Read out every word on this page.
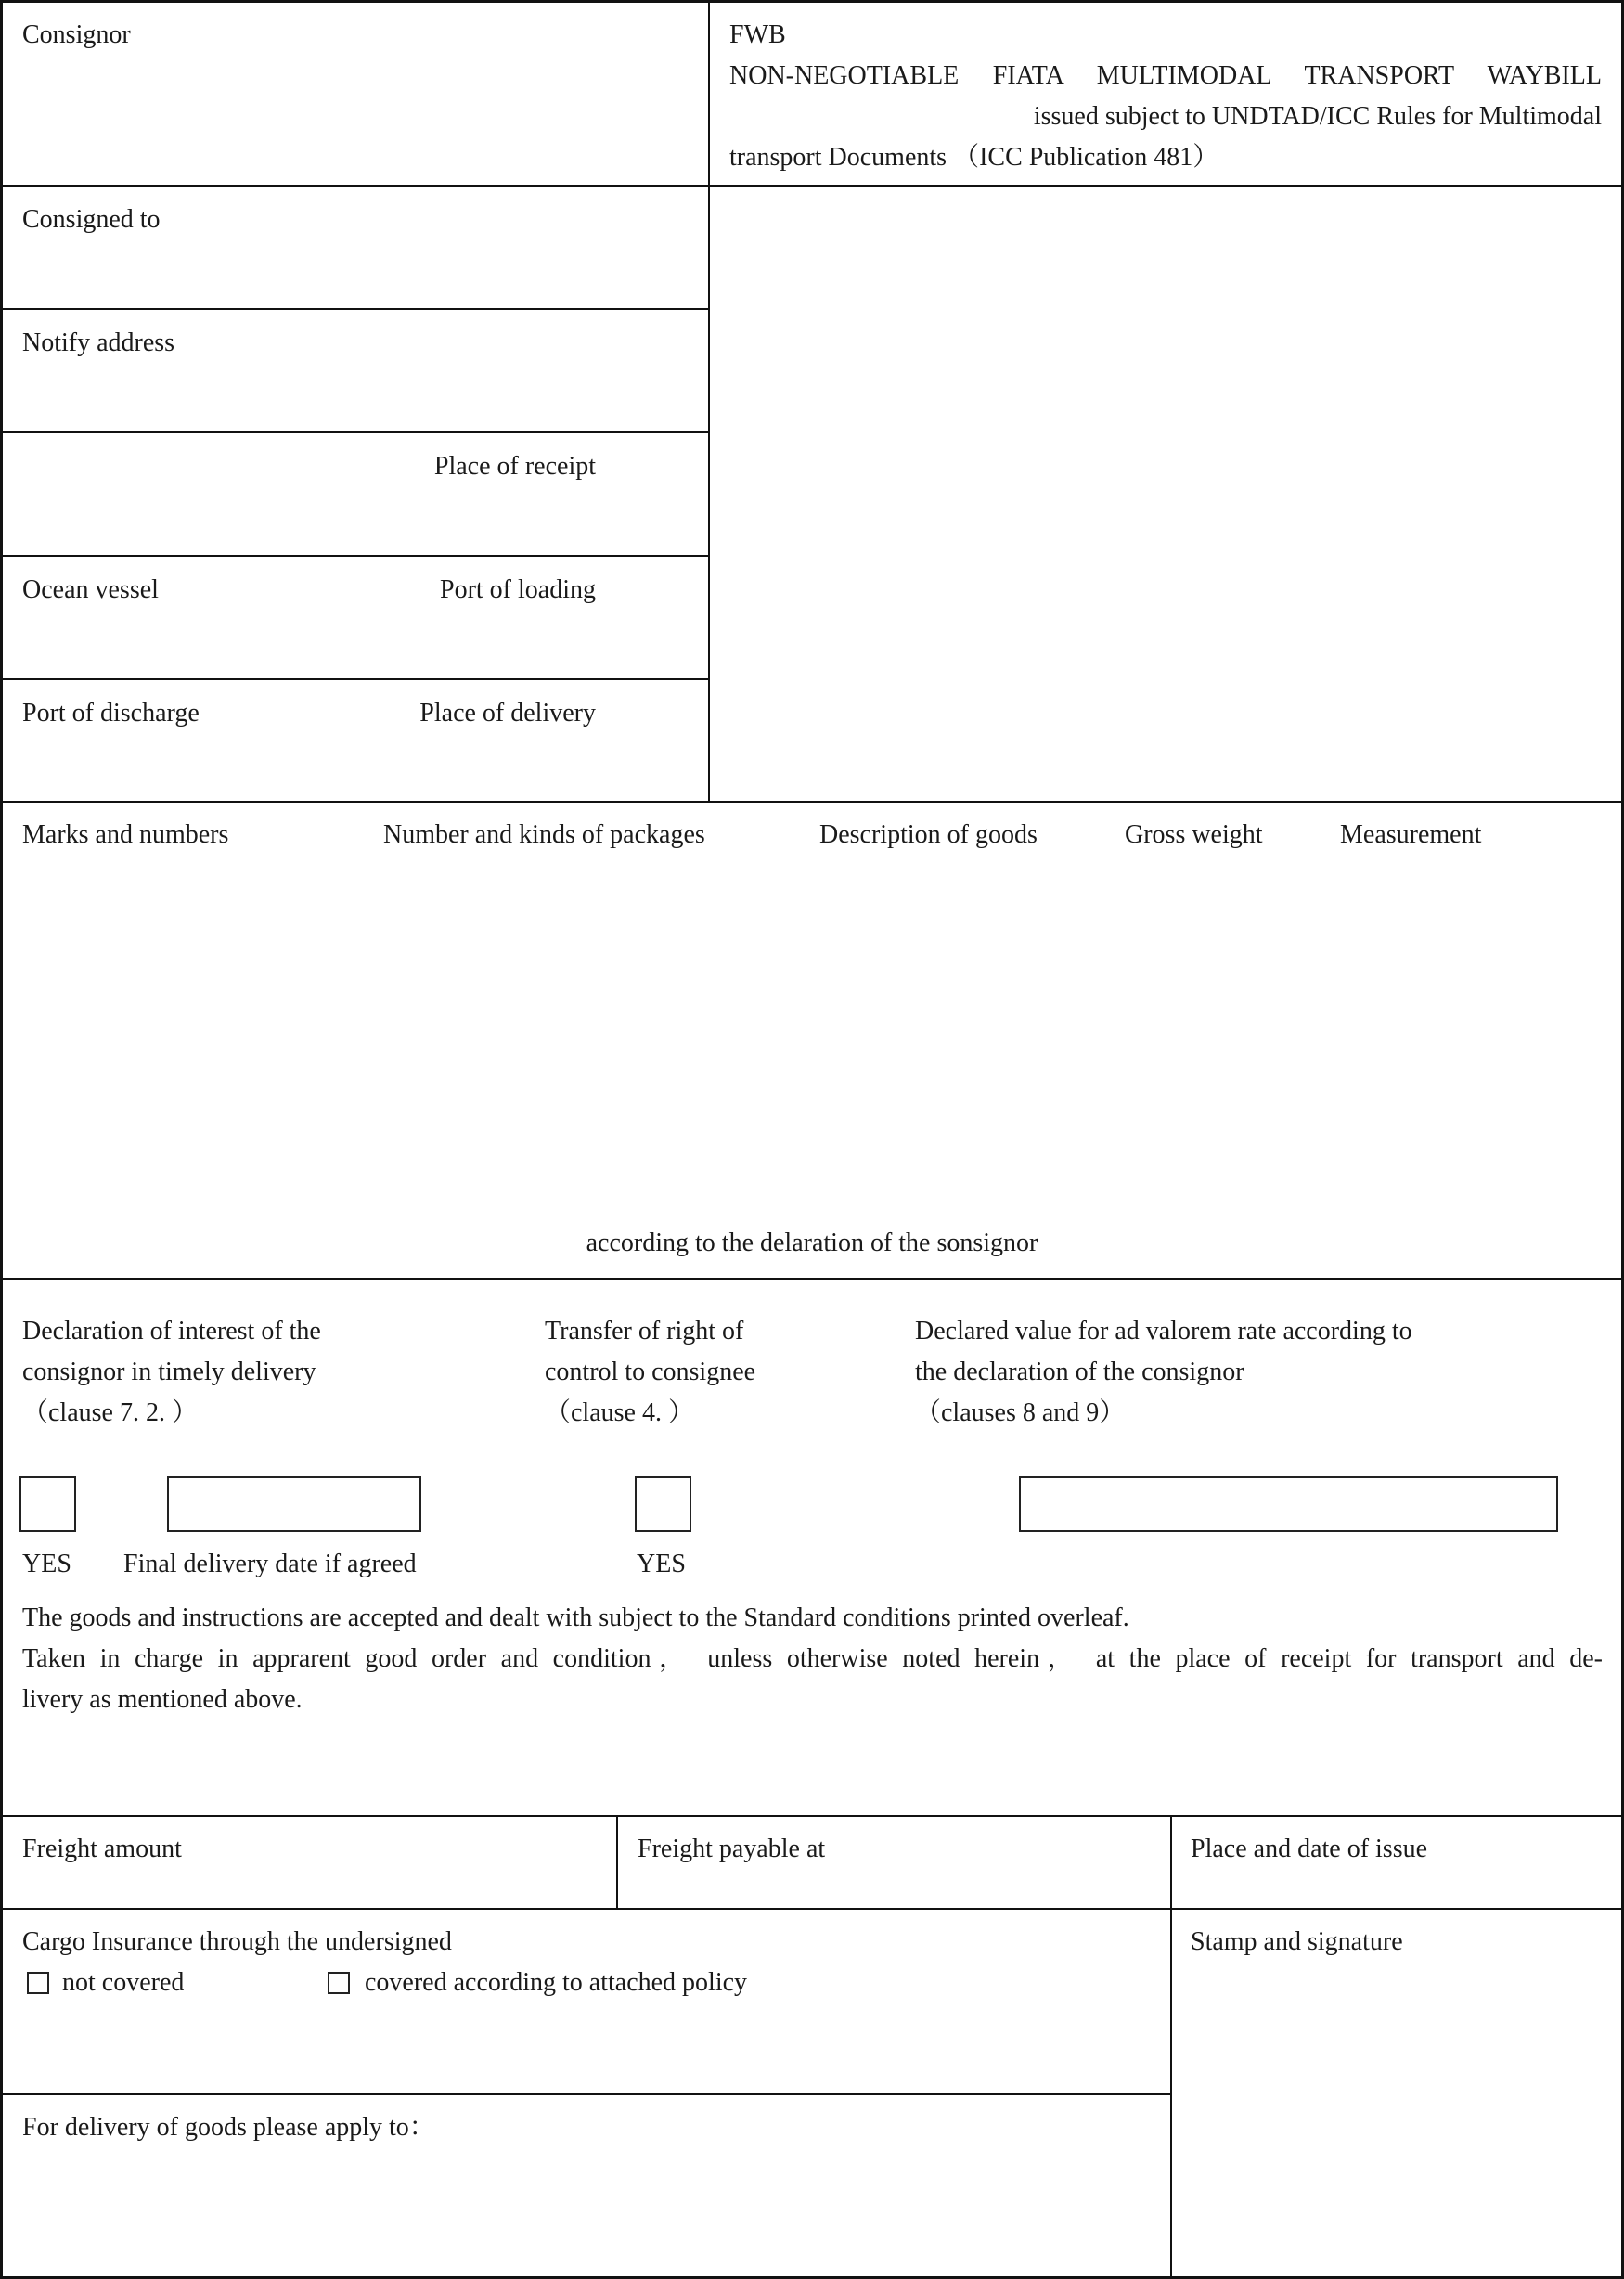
Consignor	FWB
NON-NEGOTIABLE FIATA MULTIMODAL TRANSPORT WAYBILL
issued subject to UNDTAD/ICC Rules for Multimodal
transport Documents （ICC Publication 481）
Consigned to
Notify address
Place of receipt
Ocean vessel	Port of loading
Port of discharge	Place of delivery
Marks and numbers	Number and kinds of packages	Description of goods	Gross weight	Measurement
according to the delaration of the sonsignor
Declaration of interest of the
consignor in timely delivery
（clause 7. 2. ）
Transfer of right of
control to consignee
（clause 4. ）
Declared value for ad valorem rate according to
the declaration of the consignor
（clauses 8 and 9）
YES Final delivery date if agreed	YES
The goods and instructions are accepted and dealt with subject to the Standard conditions printed overleaf.
Taken in charge in apprarent good order and condition， unless otherwise noted herein， at the place of receipt for transport and de-
livery as mentioned above.
Freight amount	Freight payable at	Place and date of issue
Cargo Insurance through the undersigned
not covered	covered according to attached policy
Stamp and signature
For delivery of goods please apply to：
